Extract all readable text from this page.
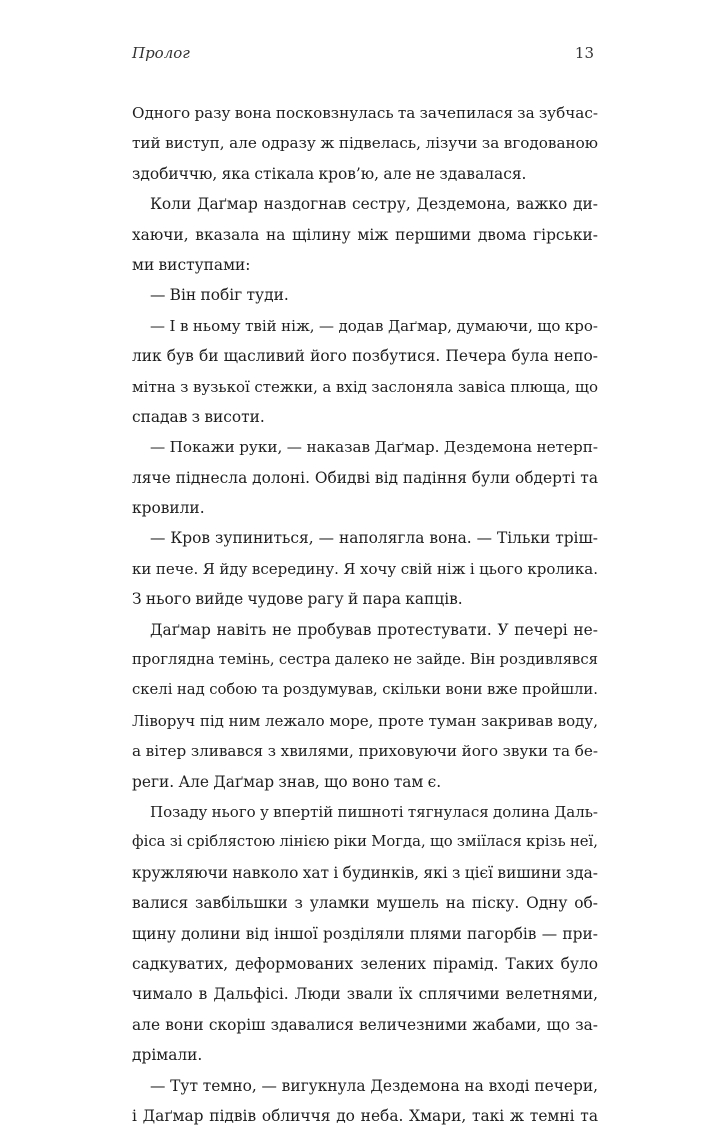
Пролог	13
Одного разу вона посковзнулась та зачепилася за зубчас-
тий виступ, але одразу ж підвелась, лізучи за вгодованою
здобиччю, яка стікала кров’ю, але не здавалася.
Коли Даґмар наздогнав сестру, Дездемона, важко ди-
хаючи, вказала на щілину між першими двома гірськи-
ми виступами:
— Він побіг туди.
— І в ньому твій ніж, — додав Даґмар, думаючи, що кро-
лик був би щасливий його позбутися. Печера була непо-
мітна з вузької стежки, а вхід заслоняла завіса плюща, що
спадав з висоти.
— Покажи руки, — наказав Даґмар. Дездемона нетерп-
ляче піднесла долоні. Обидві від падіння були обдерті та
кровили.
— Кров зупиниться, — наполягла вона. — Тільки тріш-
ки пече. Я йду всередину. Я хочу свій ніж і цього кролика.
З нього вийде чудове рагу й пара капців.
Даґмар навіть не пробував протестувати. У печері не-
проглядна темінь, сестра далеко не зайде. Він роздивлявся
скелі над собою та роздумував, скільки вони вже пройшли.
Ліворуч під ним лежало море, проте туман закривав воду,
а вітер зливався з хвилями, приховуючи його звуки та бе-
реги. Але Даґмар знав, що воно там є.
Позаду нього у впертій пишноті тягнулася долина Даль-
фіса зі сріблястою лінією ріки Могда, що зміїлася крізь неї,
кружляючи навколо хат і будинків, які з цієї вишини зда-
валися завбільшки з уламки мушель на піску. Одну об-
щину долини від іншої розділяли плями пагорбів — при-
садкуватих, деформованих зелених пірамід. Таких було
чимало в Дальфісі. Люди звали їх сплячими велетнями,
але вони скоріш здавалися величезними жабами, що за-
дрімали.
— Тут темно, — вигукнула Дездемона на вході печери,
і Даґмар підвів обличчя до неба. Хмари, такі ж темні та
